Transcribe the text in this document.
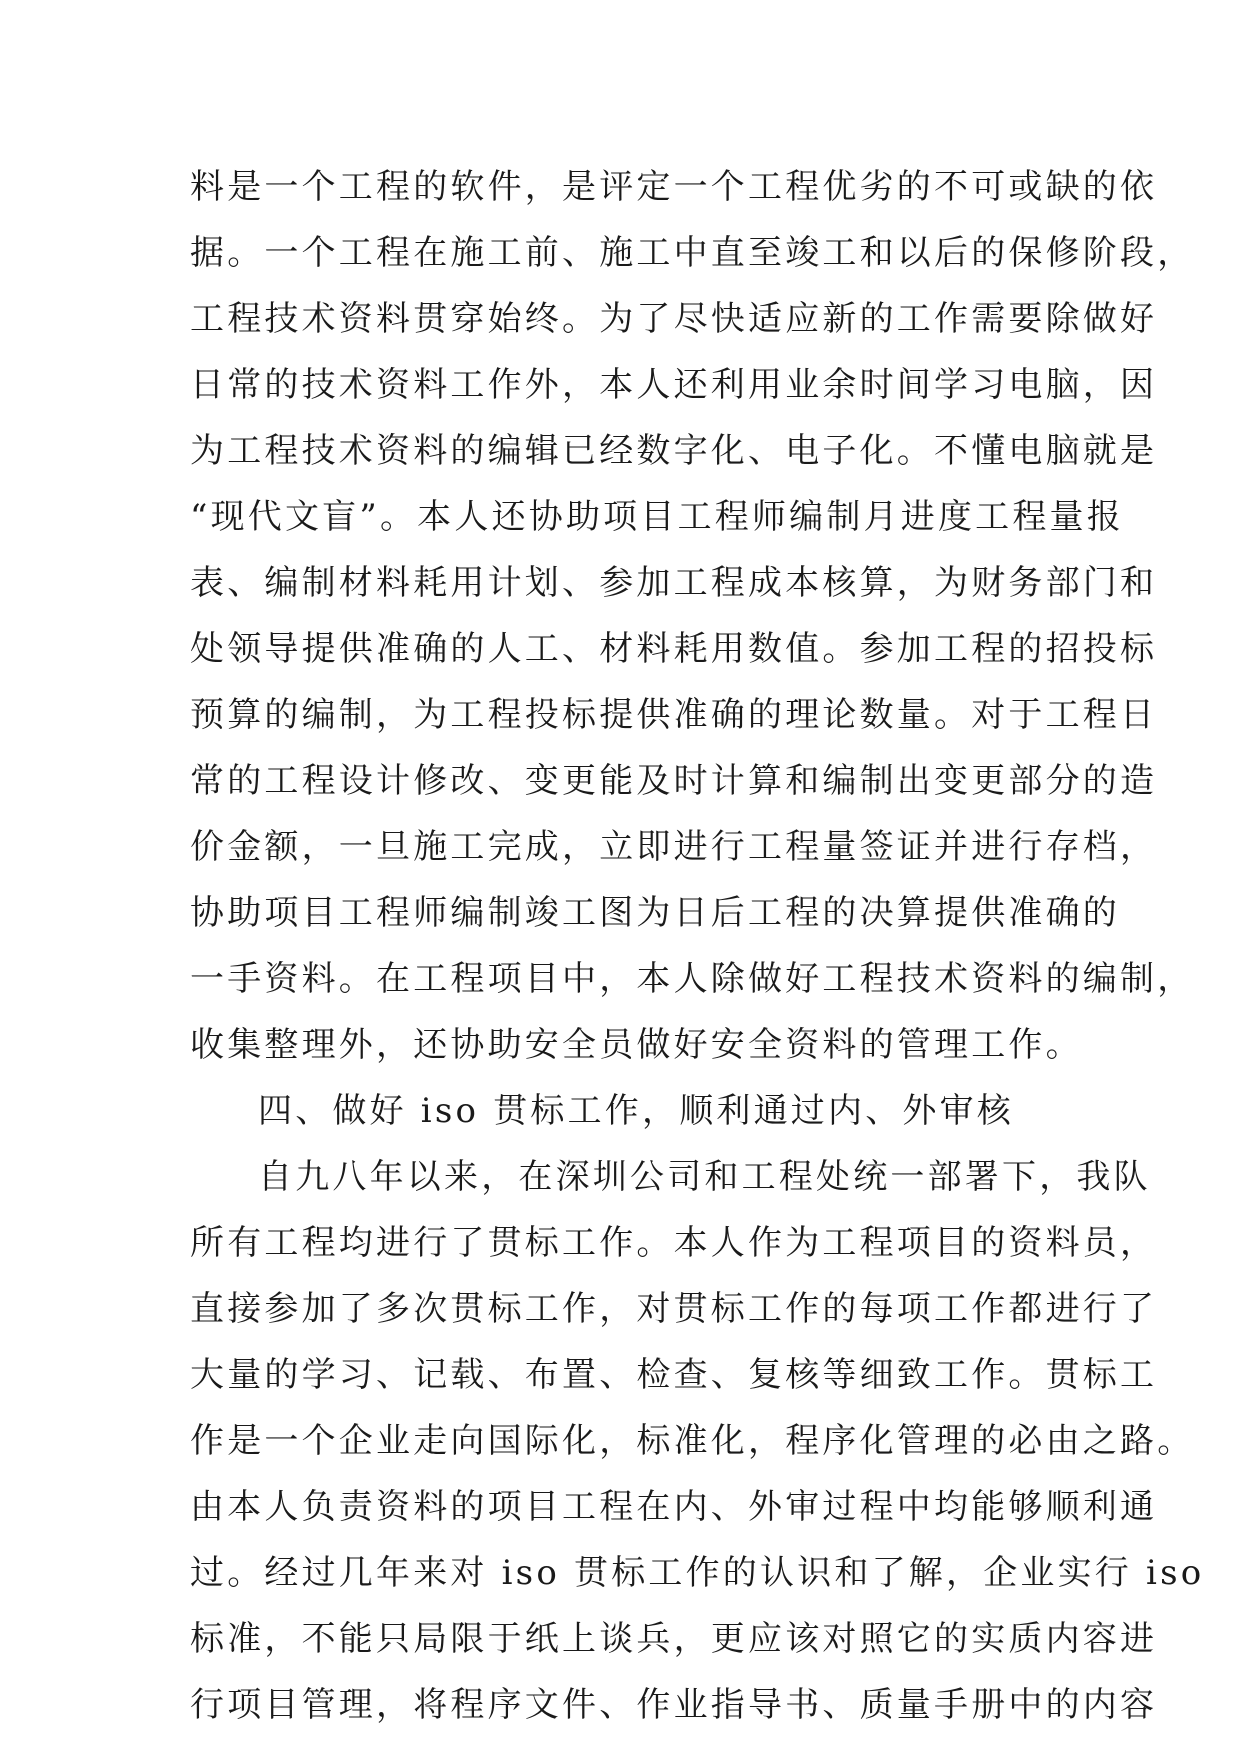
料是一个工程的软件，是评定一个工程优劣的不可或缺的依
据。一个工程在施工前、施工中直至竣工和以后的保修阶段，
工程技术资料贯穿始终。为了尽快适应新的工作需要除做好
日常的技术资料工作外，本人还利用业余时间学习电脑，因
为工程技术资料的编辑已经数字化、电子化。不懂电脑就是
“现代文盲”。本人还协助项目工程师编制月进度工程量报
表、编制材料耗用计划、参加工程成本核算，为财务部门和
处领导提供准确的人工、材料耗用数值。参加工程的招投标
预算的编制，为工程投标提供准确的理论数量。对于工程日
常的工程设计修改、变更能及时计算和编制出变更部分的造
价金额，一旦施工完成，立即进行工程量签证并进行存档，
协助项目工程师编制竣工图为日后工程的决算提供准确的
一手资料。在工程项目中，本人除做好工程技术资料的编制，
收集整理外，还协助安全员做好安全资料的管理工作。
四、做好 iso 贯标工作，顺利通过内、外审核
自九八年以来，在深圳公司和工程处统一部署下，我队
所有工程均进行了贯标工作。本人作为工程项目的资料员，
直接参加了多次贯标工作，对贯标工作的每项工作都进行了
大量的学习、记载、布置、检查、复核等细致工作。贯标工
作是一个企业走向国际化，标准化，程序化管理的必由之路。
由本人负责资料的项目工程在内、外审过程中均能够顺利通
过。经过几年来对 iso 贯标工作的认识和了解，企业实行 iso
标准，不能只局限于纸上谈兵，更应该对照它的实质内容进
行项目管理，将程序文件、作业指导书、质量手册中的内容
